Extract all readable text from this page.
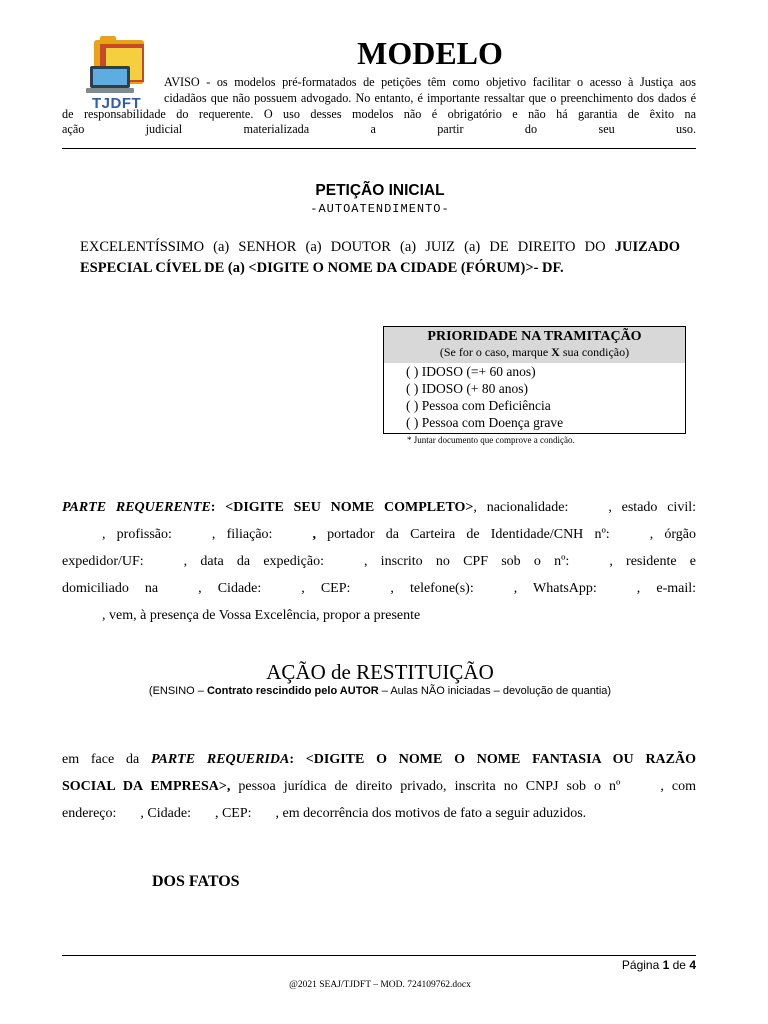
TJDFT
MODELO
AVISO - os modelos pré-formatados de petições têm como objetivo facilitar o acesso à Justiça aos
cidadãos que não possuem advogado. No entanto, é importante ressaltar que o preenchimento dos dados é
de responsabilidade do requerente. O uso desses modelos não é obrigatório e não há garantia de êxito na
ação judicial materializada a partir do seu uso.
PETIÇÃO INICIAL
-AUTOATENDIMENTO-
EXCELENTÍSSIMO (a) SENHOR (a) DOUTOR (a) JUIZ (a) DE DIREITO DO JUIZADO
ESPECIAL CÍVEL DE (a) <DIGITE O NOME DA CIDADE (FÓRUM)>- DF.
PRIORIDADE NA TRAMITAÇÃO
(Se for o caso, marque X sua condição)
( ) IDOSO (=+ 60 anos)
( ) IDOSO (+ 80 anos)
( ) Pessoa com Deficiência
( ) Pessoa com Doença grave
* Juntar documento que comprove a condição.
PARTE REQUERENTE: <DIGITE SEU NOME COMPLETO>, nacionalidade:	, estado civil:
, profissão:	, filiação:	, portador da Carteira de Identidade/CNH nº:	, órgão
expedidor/UF:	, data da expedição:	, inscrito no CPF sob o nº:	, residente e
domiciliado na	, Cidade:	, CEP:	, telefone(s):	, WhatsApp:	, e-mail:
, vem, à presença de Vossa Excelência, propor a presente
AÇÃO de RESTITUIÇÃO
(ENSINO – Contrato rescindido pelo AUTOR – Aulas NÃO iniciadas – devolução de quantia)
em face da PARTE REQUERIDA: <DIGITE O NOME O NOME FANTASIA OU RAZÃO
SOCIAL DA EMPRESA>, pessoa jurídica de direito privado, inscrita no CNPJ sob o nº	, com
endereço: , Cidade: , CEP: , em decorrência dos motivos de fato a seguir aduzidos.
DOS FATOS
Página 1 de 4
@2021 SEAJ/TJDFT – MOD. 724109762.docx
